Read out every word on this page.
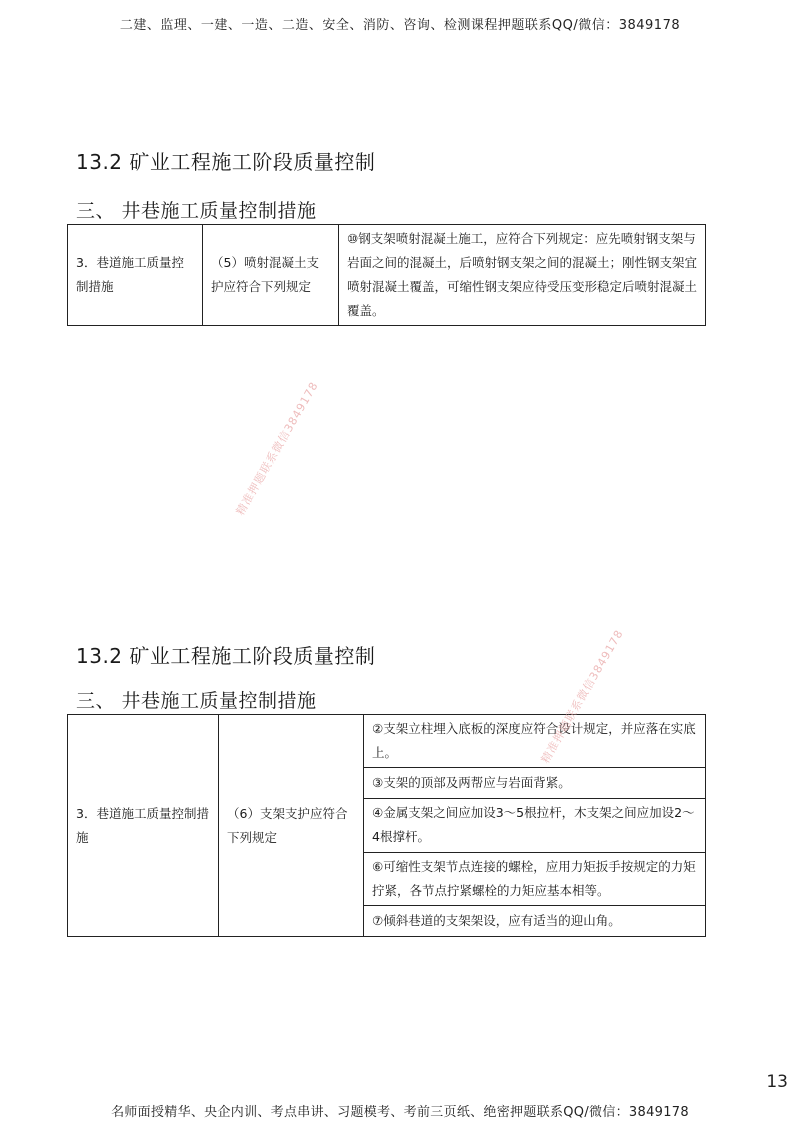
二建、监理、一建、一造、二造、安全、消防、咨询、检测课程押题联系QQ/微信：3849178
13.2 矿业工程施工阶段质量控制
三、 井巷施工质量控制措施
3．巷道施工质量控制措施	（5）喷射混凝土支护应符合下列规定	⑩钢支架喷射混凝土施工，应符合下列规定：应先喷射钢支架与岩面之间的混凝土，后喷射钢支架之间的混凝土；刚性钢支架宜喷射混凝土覆盖，可缩性钢支架应待受压变形稳定后喷射混凝土覆盖。
精准押题联系微信3849178
13.2 矿业工程施工阶段质量控制
三、 井巷施工质量控制措施
3．巷道施工质量控制措施	（6）支架支护应符合下列规定	②支架立柱埋入底板的深度应符合设计规定，并应落在实底上。
③支架的顶部及两帮应与岩面背紧。
④金属支架之间应加设3～5根拉杆，木支架之间应加设2～4根撑杆。
⑥可缩性支架节点连接的螺栓，应用力矩扳手按规定的力矩拧紧，各节点拧紧螺栓的力矩应基本相等。
⑦倾斜巷道的支架架设，应有适当的迎山角。
精准押题联系微信3849178
13
名师面授精华、央企内训、考点串讲、习题模考、考前三页纸、绝密押题联系QQ/微信：3849178
